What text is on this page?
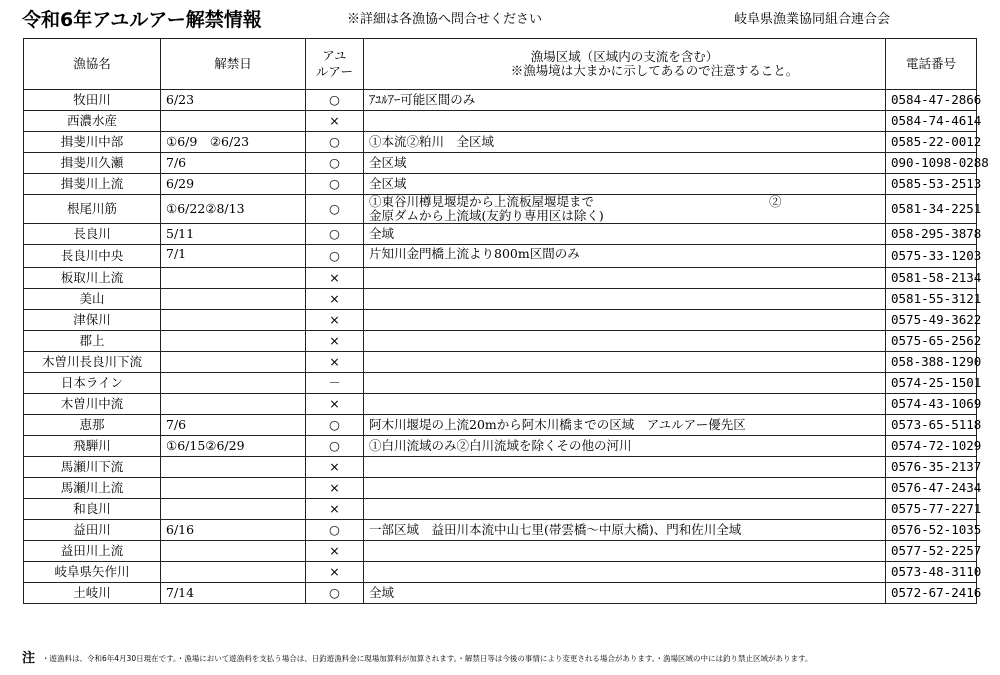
令和6年アユルアー解禁情報	※詳細は各漁協へ問合せください	岐阜県漁業協同組合連合会
漁協名	解禁日	アユ
ルアー	漁場区域（区域内の支流を含む）
※漁場境は大まかに示してあるので注意すること。	電話番号
牧田川	6/23	○	ｱﾕﾙｱｰ可能区間のみ	0584-47-2866
西濃水産		×		0584-74-4614
揖斐川中部	①6/9　②6/23	○	①本流②粕川　全区域	0585-22-0012
揖斐川久瀬	7/6	○	全区域	090-1098-0288
揖斐川上流	6/29	○	全区域	0585-53-2513
根尾川筋	①6/22②8/13	○	①東谷川樽見堰堤から上流板屋堰堤まで　　　　　　　　　　　　　　②
金原ダムから上流域(友釣り専用区は除く)	0581-34-2251
長良川	5/11	○	全域	058-295-3878
長良川中央	7/1	○	片知川金門橋上流より800m区間のみ	0575-33-1203
板取川上流		×		0581-58-2134
美山		×		0581-55-3121
津保川		×		0575-49-3622
郡上		×		0575-65-2562
木曽川長良川下流		×		058-388-1290
日本ライン		－		0574-25-1501
木曽川中流		×		0574-43-1069
恵那	7/6	○	阿木川堰堤の上流20mから阿木川橋までの区域　アユルアー優先区	0573-65-5118
飛騨川	①6/15②6/29	○	①白川流域のみ②白川流域を除くその他の河川	0574-72-1029
馬瀬川下流		×		0576-35-2137
馬瀬川上流		×		0576-47-2434
和良川		×		0575-77-2271
益田川	6/16	○	一部区域　益田川本流中山七里(帯雲橋～中原大橋)、門和佐川全域	0576-52-1035
益田川上流		×		0577-52-2257
岐阜県矢作川		×		0573-48-3110
土岐川	7/14	○	全域	0572-67-2416
注 ・遊漁料は、令和6年4月30日現在です。・漁場において遊漁料を支払う場合は、日釣遊漁料金に現場加算料が加算されます。・解禁日等は今後の事情により変更される場合があります。・漁場区域の中には釣り禁止区域があります。
